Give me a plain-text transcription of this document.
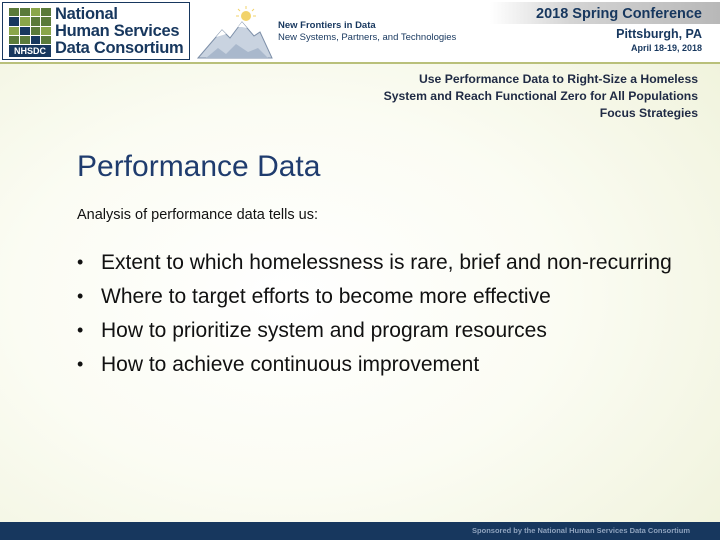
NHSDC
National
Human Services
Data Consortium
New Frontiers in Data
New Systems, Partners, and Technologies
2018 Spring Conference
Pittsburgh, PA
April 18-19, 2018
Use Performance Data to Right-Size a Homeless
System and Reach Functional Zero for All Populations
Focus Strategies
Performance Data
Analysis of performance data tells us:
• Extent to which homelessness is rare, brief and non-recurring
• Where to target efforts to become more effective
• How to prioritize system and program resources
• How to achieve continuous improvement
Sponsored by the National Human Services Data Consortium
